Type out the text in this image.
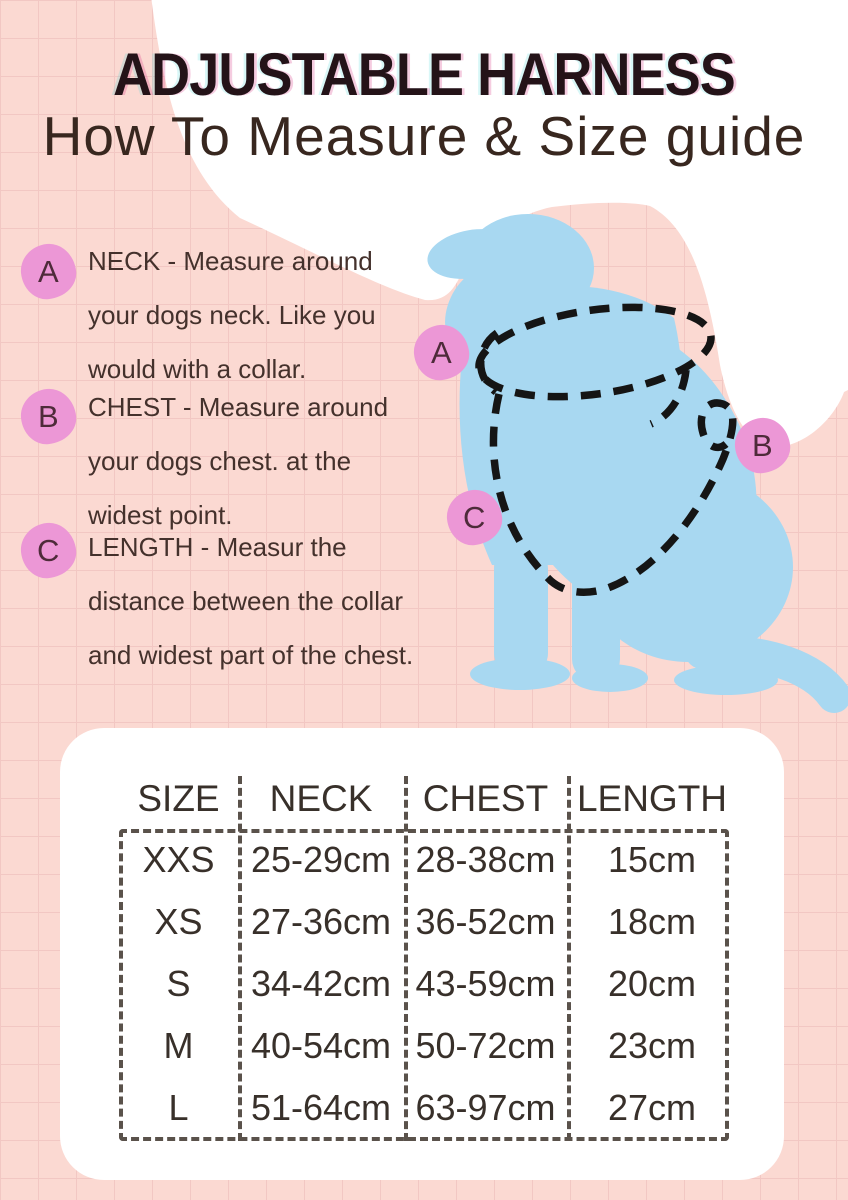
ADJUSTABLE HARNESS
How To Measure & Size guide
A
B
C

NECK - Measure around

your dogs neck. Like you

would with a collar.

CHEST - Measure around

your dogs chest. at the

widest point.

LENGTH - Measur the

distance between the collar

and widest part of the chest.

A
B
C
SIZE	NECK	CHEST LENGTH
XXS	25-29cm 28-38cm	15cm
XS	27-36cm 36-52cm	18cm
S	34-42cm 43-59cm	20cm
M	40-54cm 50-72cm	23cm
L	51-64cm 63-97cm	27cm
